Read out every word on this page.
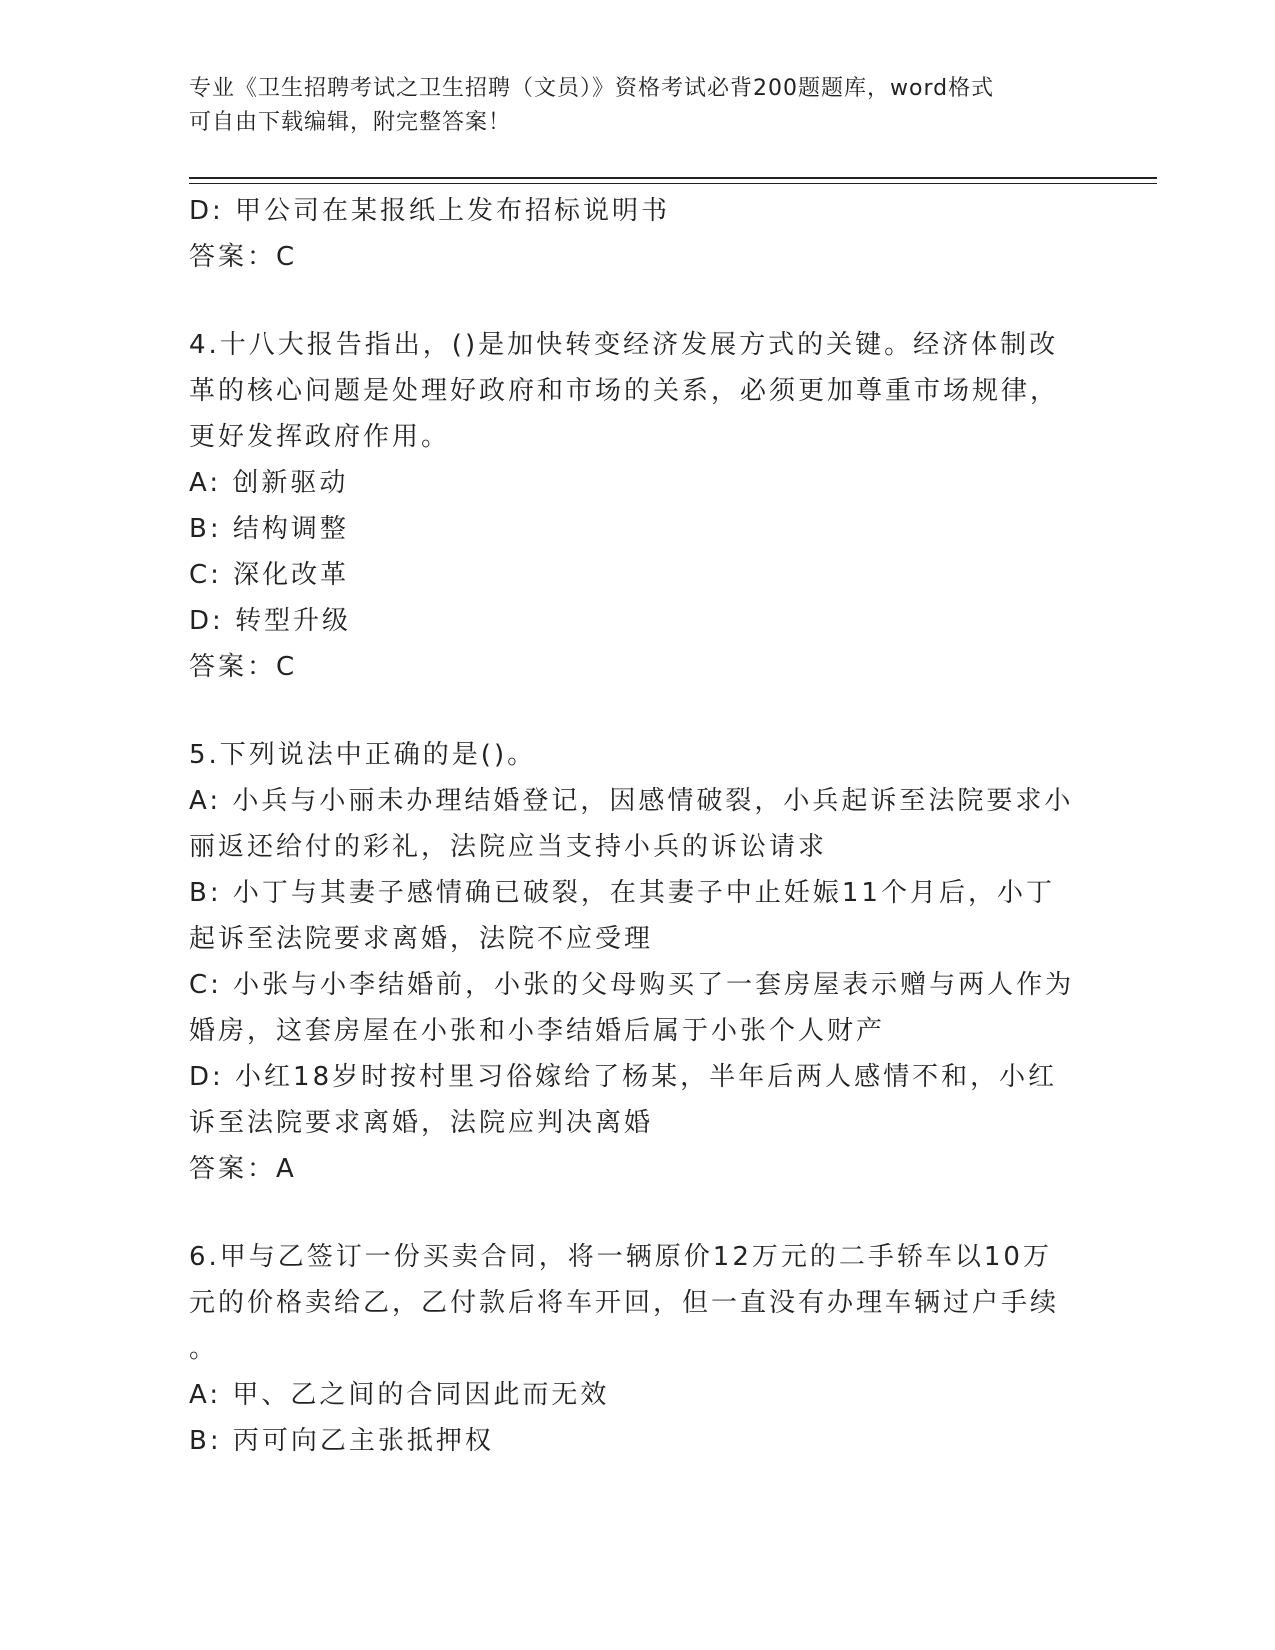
专业《卫生招聘考试之卫生招聘（文员）》资格考试必背200题题库，word格式
可自由下载编辑，附完整答案！

D: 甲公司在某报纸上发布招标说明书

答案：C

4.十八大报告指出，()是加快转变经济发展方式的关键。经济体制改

革的核心问题是处理好政府和市场的关系，必须更加尊重市场规律，

更好发挥政府作用。

A: 创新驱动

B: 结构调整

C: 深化改革

D: 转型升级

答案：C

5.下列说法中正确的是()。

A: 小兵与小丽未办理结婚登记，因感情破裂，小兵起诉至法院要求小

丽返还给付的彩礼，法院应当支持小兵的诉讼请求

B: 小丁与其妻子感情确已破裂，在其妻子中止妊娠11个月后，小丁

起诉至法院要求离婚，法院不应受理

C: 小张与小李结婚前，小张的父母购买了一套房屋表示赠与两人作为

婚房，这套房屋在小张和小李结婚后属于小张个人财产

D: 小红18岁时按村里习俗嫁给了杨某，半年后两人感情不和，小红

诉至法院要求离婚，法院应判决离婚

答案：A

6.甲与乙签订一份买卖合同，将一辆原价12万元的二手轿车以10万

元的价格卖给乙，乙付款后将车开回，但一直没有办理车辆过户手续

。

A: 甲、乙之间的合同因此而无效

B: 丙可向乙主张抵押权
